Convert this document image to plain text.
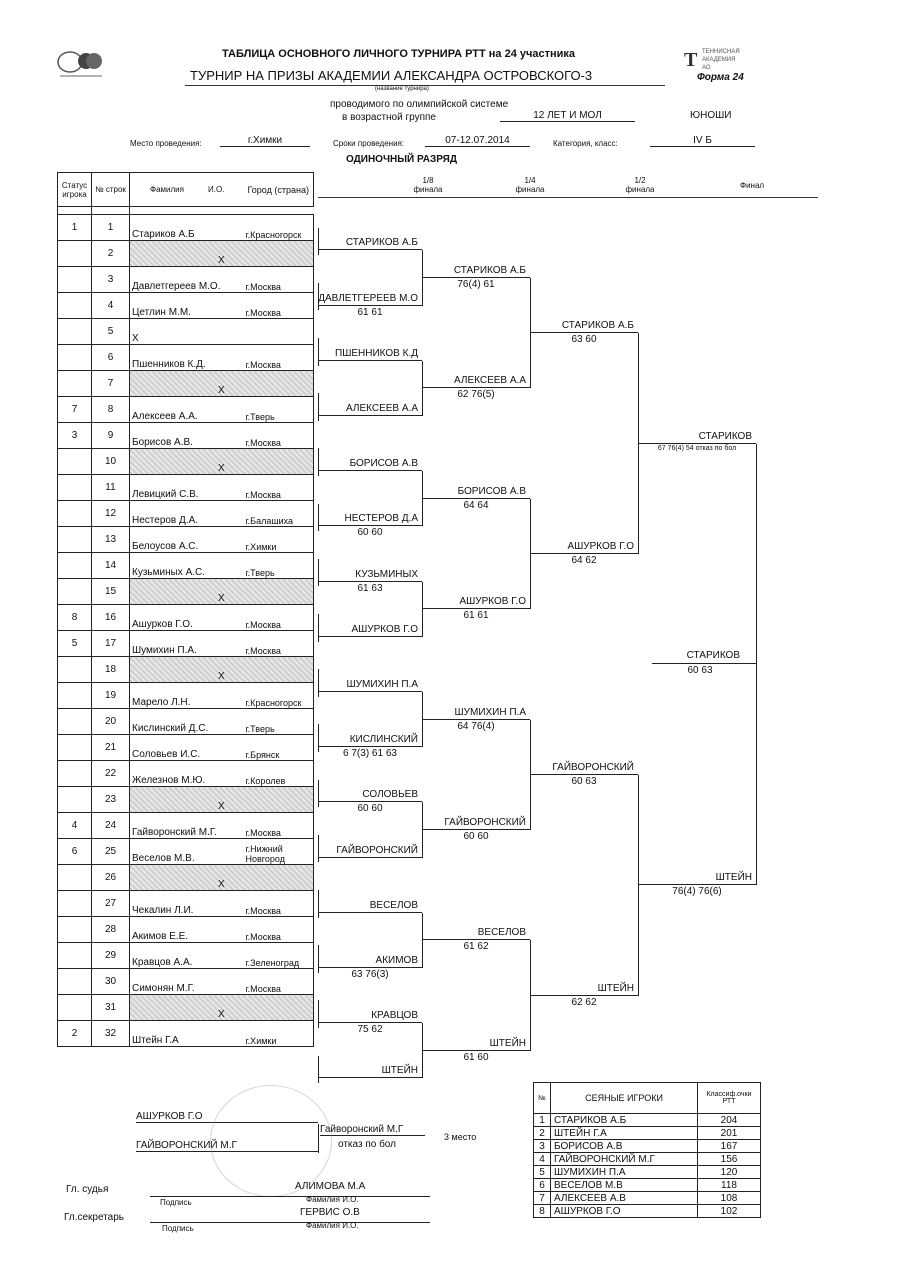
T ТЕННИСНАЯ
АКАДЕМИЯ
АО
ТАБЛИЦА ОСНОВНОГО ЛИЧНОГО ТУРНИРА РТТ на 24 участника
ТУРНИР НА ПРИЗЫ АКАДЕМИИ АЛЕКСАНДРА ОСТРОВСКОГО-3
(название турнира)
Форма 24
проводимого по олимпийской системе
в возрастной группе	12 ЛЕТ И МОЛ	ЮНОШИ
Место проведения:	г.Химки	Сроки проведения:	07-12.07.2014	Категория, класс:	IV Б
ОДИНОЧНЫЙ РАЗРЯД
1/8 финала
1/4 финала
1/2 финала	Финал
Статус игрока	№ строк	Фамилия И.О.	Город (страна)

1	1	Стариков А.Б	г.Красногорск
	2	Х	
	3	Давлетгереев М.О.	г.Москва
	4	Цетлин М.М.	г.Москва
	5	Х	
	6	Пшенников К.Д.	г.Москва
	7	Х	
7	8	Алексеев А.А.	г.Тверь
3	9	Борисов А.В.	г.Москва
	10	Х	
	11	Левицкий С.В.	г.Москва
	12	Нестеров Д.А.	г.Балашиха
	13	Белоусов А.С.	г.Химки
	14	Кузьминых А.С.	г.Тверь
	15	Х	
8	16	Ашурков Г.О.	г.Москва
5	17	Шумихин П.А.	г.Москва
	18	Х	
	19	Марело Л.Н.	г.Красногорск
	20	Кислинский Д.С.	г.Тверь
	21	Соловьев И.С.	г.Брянск
	22	Железнов М.Ю.	г.Королев
	23	Х	
4	24	Гайворонский М.Г.	г.Москва
6	25	Веселов М.В.	г.Нижний Новгород
	26	Х	
	27	Чекалин Л.И.	г.Москва
	28	Акимов Е.Е.	г.Москва
	29	Кравцов А.А.	г.Зеленоград
	30	Симонян М.Г.	г.Москва
	31	Х	
2	32	Штейн Г.А	г.Химки
СТАРИКОВ А.Б
ДАВЛЕТГЕРЕЕВ М.О
61 61
ПШЕННИКОВ К.Д
АЛЕКСЕЕВ А.А
БОРИСОВ А.В
НЕСТЕРОВ Д.А
60 60
КУЗЬМИНЫХ
61 63
АШУРКОВ Г.О
ШУМИХИН П.А
КИСЛИНСКИЙ
6 7(3) 61 63
СОЛОВЬЕВ
60 60
ГАЙВОРОНСКИЙ
ВЕСЕЛОВ
АКИМОВ
63 76(3)
КРАВЦОВ
75 62
ШТЕЙН
СТАРИКОВ А.Б
76(4) 61
АЛЕКСЕЕВ А.А
62 76(5)
БОРИСОВ А.В
64 64
АШУРКОВ Г.О
61 61
ШУМИХИН П.А
64 76(4)
ГАЙВОРОНСКИЙ
60 60
ВЕСЕЛОВ
61 62
ШТЕЙН
61 60
СТАРИКОВ А.Б
63 60
АШУРКОВ Г.О
64 62
ГАЙВОРОНСКИЙ
60 63
ШТЕЙН
62 62
СТАРИКОВ
67 76(4) 54 отказ по бол
ШТЕЙН
76(4) 76(6)
СТАРИКОВ
60 63
АШУРКОВ Г.О
ГАЙВОРОНСКИЙ М.Г
Гайворонский М.Г
отказ по бол
3 место
Гл. судья	АЛИМОВА М.А
Подпись	Фамилия И.О.
Гл.секретарь	ГЕРВИС О.В
Подпись	Фамилия И.О.
№	СЕЯНЫЕ ИГРОКИ	Классиф.очки РТТ
1	СТАРИКОВ А.Б	204
2	ШТЕЙН Г.А	201
3	БОРИСОВ А.В	167
4	ГАЙВОРОНСКИЙ М.Г	156
5	ШУМИХИН П.А	120
6	ВЕСЕЛОВ М.В	118
7	АЛЕКСЕЕВ А.В	108
8	АШУРКОВ Г.О	102
